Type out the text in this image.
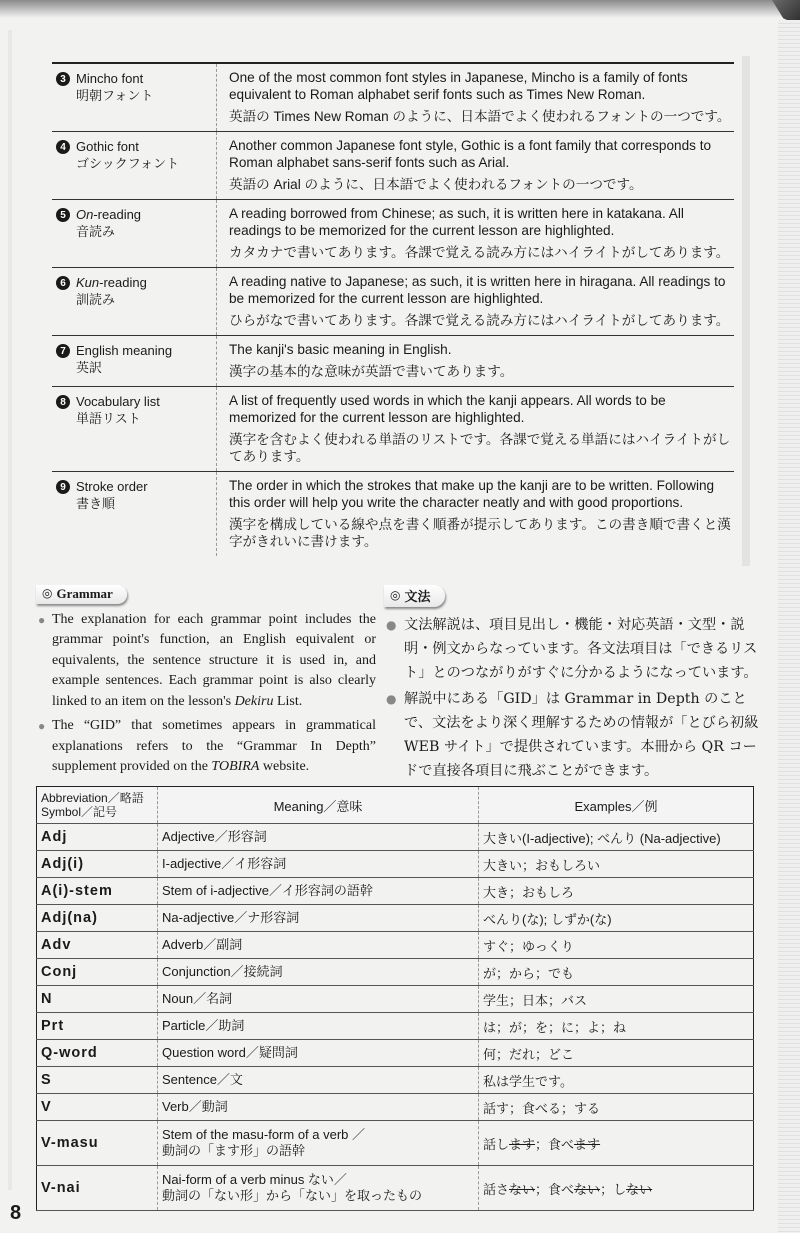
3 Mincho font
明朝フォント
One of the most common font styles in Japanese, Mincho is a family of fonts equivalent to Roman alphabet serif fonts such as Times New Roman.
英語の Times New Roman のように、日本語でよく使われるフォントの一つです。
4 Gothic font
ゴシックフォント
Another common Japanese font style, Gothic is a font family that corresponds to Roman alphabet sans-serif fonts such as Arial.
英語の Arial のように、日本語でよく使われるフォントの一つです。
5 On-reading
音読み
A reading borrowed from Chinese; as such, it is written here in katakana. All readings to be memorized for the current lesson are highlighted.
カタカナで書いてあります。各課で覚える読み方にはハイライトがしてあります。
6 Kun-reading
訓読み
A reading native to Japanese; as such, it is written here in hiragana. All readings to be memorized for the current lesson are highlighted.
ひらがなで書いてあります。各課で覚える読み方にはハイライトがしてあります。
7 English meaning
英訳
The kanji's basic meaning in English.
漢字の基本的な意味が英語で書いてあります。
8 Vocabulary list
単語リスト
A list of frequently used words in which the kanji appears. All words to be memorized for the current lesson are highlighted.
漢字を含むよく使われる単語のリストです。各課で覚える単語にはハイライトがしてあります。
9 Stroke order
書き順
The order in which the strokes that make up the kanji are to be written. Following this order will help you write the character neatly and with good proportions.
漢字を構成している線や点を書く順番が提示してあります。この書き順で書くと漢字がきれいに書けます。
◎ Grammar
● The explanation for each grammar point includes the grammar point's function, an English equivalent or equivalents, the sentence structure it is used in, and example sentences. Each grammar point is also clearly linked to an item on the lesson's Dekiru List.
● The “GID” that sometimes appears in grammatical explanations refers to the “Grammar In Depth” supplement provided on the TOBIRA website.
◎ 文法
● 文法解説は、項目見出し・機能・対応英語・文型・説明・例文からなっています。各文法項目は「できるリスト」とのつながりがすぐに分かるようになっています。
● 解説中にある「GID」は Grammar in Depth のことで、文法をより深く理解するための情報が「とびら初級 WEB サイト」で提供されています。本冊から QR コードで直接各項目に飛ぶことができます。
Abbreviation／略語
Symbol／記号	Meaning／意味	Examples／例
Adj	Adjective／形容詞	大きい(I-adjective); べんり (Na-adjective)
Adj(i)	I-adjective／イ形容詞	大きい；おもしろい
A(i)-stem	Stem of i-adjective／イ形容詞の語幹	大き；おもしろ
Adj(na)	Na-adjective／ナ形容詞	べんり(な); しずか(な)
Adv	Adverb／副詞	すぐ；ゆっくり
Conj	Conjunction／接続詞	が；から；でも
N	Noun／名詞	学生；日本；バス
Prt	Particle／助詞	は；が；を；に；よ；ね
Q-word	Question word／疑問詞	何；だれ；どこ
S	Sentence／文	私は学生です。
V	Verb／動詞	話す；食べる；する
V-masu	Stem of the masu-form of a verb ／
動詞の「ます形」の語幹	話します；食べます
V-nai	Nai-form of a verb minus ない／
動詞の「ない形」から「ない」を取ったもの	話さない；食べない；しない
8
